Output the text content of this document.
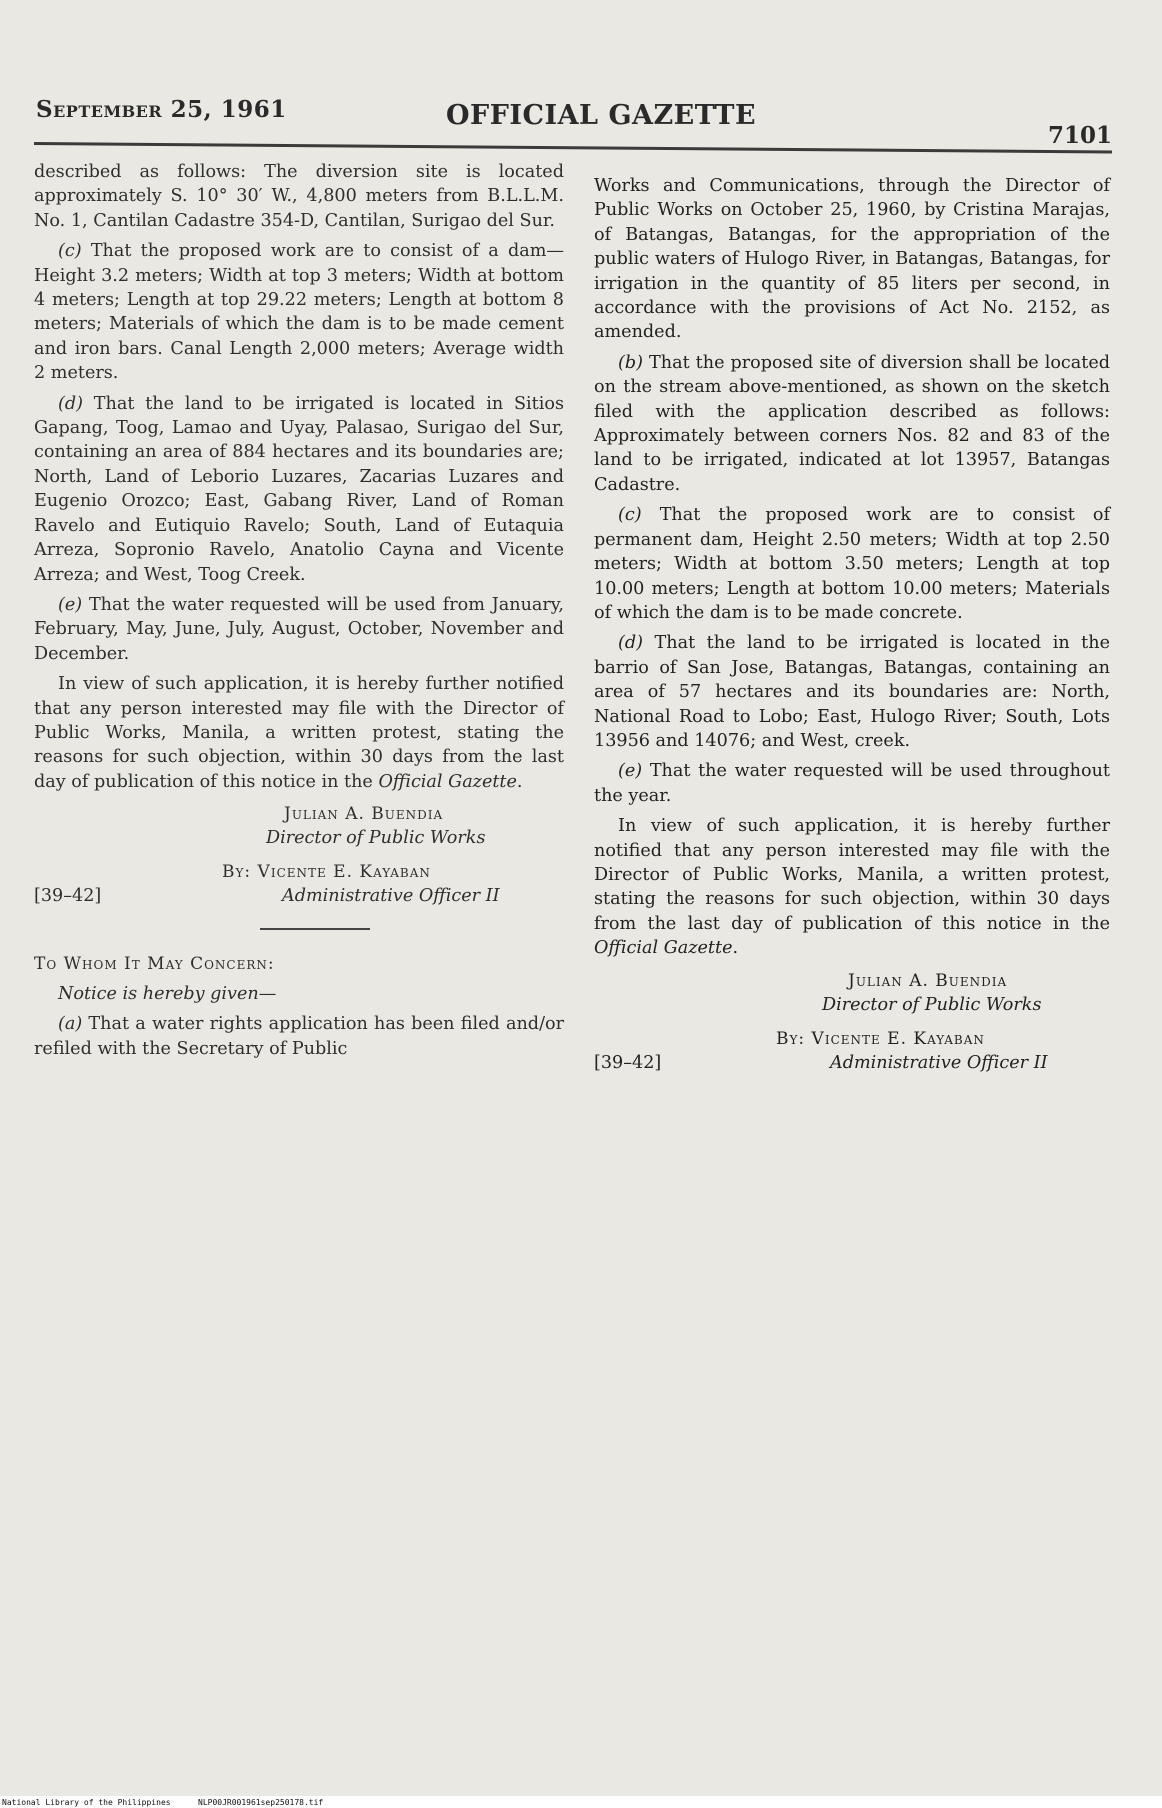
September 25, 1961	OFFICIAL GAZETTE
7101

described as follows: The diversion site is located approximately S. 10° 30′ W., 4,800 meters from B.L.L.M. No. 1, Cantilan Cadastre 354-D, Cantilan, Surigao del Sur.

(c) That the proposed work are to consist of a dam—Height 3.2 meters; Width at top 3 meters; Width at bottom 4 meters; Length at top 29.22 meters; Length at bottom 8 meters; Materials of which the dam is to be made cement and iron bars. Canal Length 2,000 meters; Average width 2 meters.

(d) That the land to be irrigated is located in Sitios Gapang, Toog, Lamao and Uyay, Palasao, Surigao del Sur, containing an area of 884 hectares and its boundaries are; North, Land of Leborio Luzares, Zacarias Luzares and Eugenio Orozco; East, Gabang River, Land of Roman Ravelo and Eutiquio Ravelo; South, Land of Eutaquia Arreza, Sopronio Ravelo, Anatolio Cayna and Vicente Arreza; and West, Toog Creek.

(e) That the water requested will be used from January, February, May, June, July, August, October, November and December.

In view of such application, it is hereby further notified that any person interested may file with the Director of Public Works, Manila, a written protest, stating the reasons for such objection, within 30 days from the last day of publication of this notice in the Official Gazette.

Julian A. Buendia
Director of Public Works
By: Vicente E. Kayaban
Administrative Officer II
[39–42]

To Whom It May Concern:

Notice is hereby given—

(a) That a water rights application has been filed and/or refiled with the Secretary of Public

Works and Communications, through the Director of Public Works on October 25, 1960, by Cristina Marajas, of Batangas, Batangas, for the appropriation of the public waters of Hulogo River, in Batangas, Batangas, for irrigation in the quantity of 85 liters per second, in accordance with the provisions of Act No. 2152, as amended.

(b) That the proposed site of diversion shall be located on the stream above-mentioned, as shown on the sketch filed with the application described as follows: Approximately between corners Nos. 82 and 83 of the land to be irrigated, indicated at lot 13957, Batangas Cadastre.

(c) That the proposed work are to consist of permanent dam, Height 2.50 meters; Width at top 2.50 meters; Width at bottom 3.50 meters; Length at top 10.00 meters; Length at bottom 10.00 meters; Materials of which the dam is to be made concrete.

(d) That the land to be irrigated is located in the barrio of San Jose, Batangas, Batangas, containing an area of 57 hectares and its boundaries are: North, National Road to Lobo; East, Hulogo River; South, Lots 13956 and 14076; and West, creek.

(e) That the water requested will be used throughout the year.

In view of such application, it is hereby further notified that any person interested may file with the Director of Public Works, Manila, a written protest, stating the reasons for such objection, within 30 days from the last day of publication of this notice in the Official Gazette.

Julian A. Buendia
Director of Public Works
By: Vicente E. Kayaban
Administrative Officer II
[39–42]
National Library of the Philippines	NLP00JR001961sep250178.tif
